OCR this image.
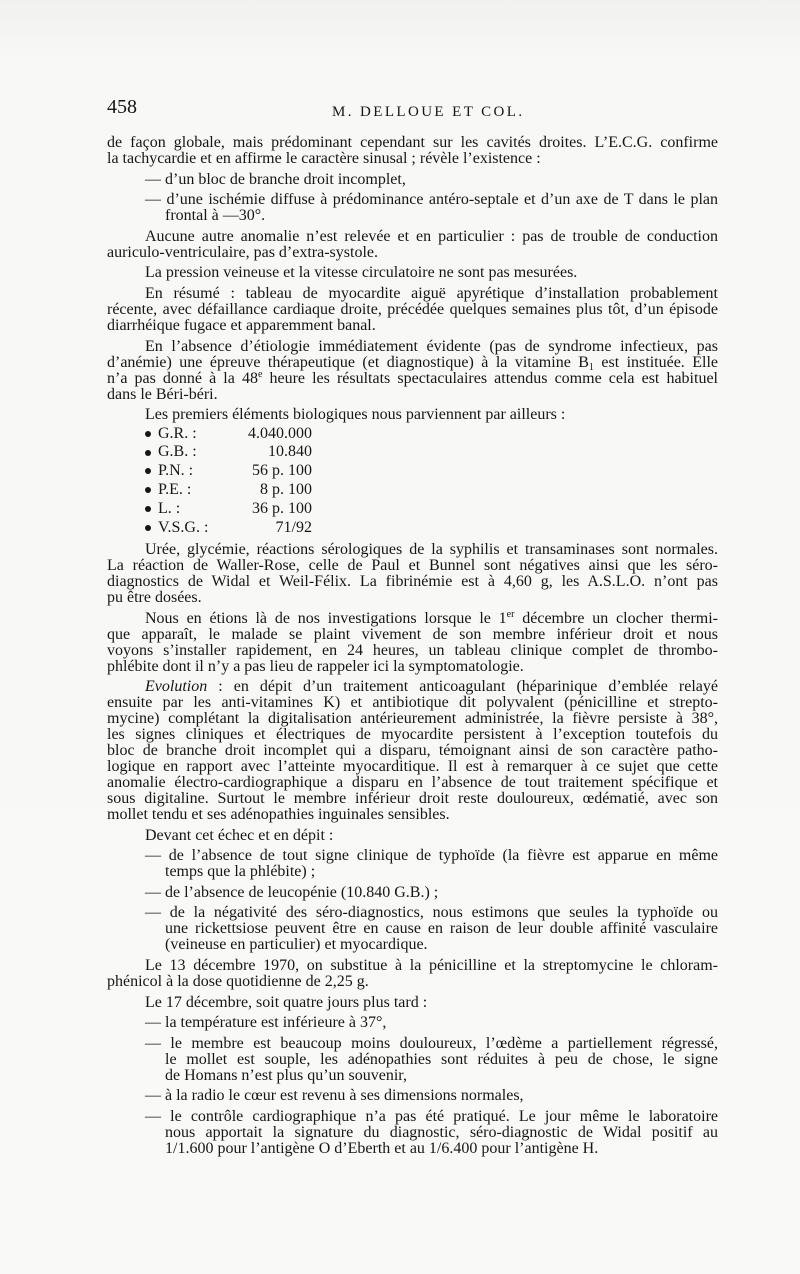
458	M. DELLOUE ET COL.
de façon globale, mais prédominant cependant sur les cavités droites. L’E.C.G. confirme
la tachycardie et en affirme le caractère sinusal ; révèle l’existence :
— d’un bloc de branche droit incomplet,
— d’une ischémie diffuse à prédominance antéro-septale et d’un axe de T dans le plan
frontal à —30°.
Aucune autre anomalie n’est relevée et en particulier : pas de trouble de conduction
auriculo-ventriculaire, pas d’extra-systole.
La pression veineuse et la vitesse circulatoire ne sont pas mesurées.
En résumé : tableau de myocardite aiguë apyrétique d’installation probablement
récente, avec défaillance cardiaque droite, précédée quelques semaines plus tôt, d’un épisode
diarrhéique fugace et apparemment banal.
En l’absence d’étiologie immédiatement évidente (pas de syndrome infectieux, pas
d’anémie) une épreuve thérapeutique (et diagnostique) à la vitamine B1 est instituée. Elle
n’a pas donné à la 48e heure les résultats spectaculaires attendus comme cela est habituel
dans le Béri-béri.
Les premiers éléments biologiques nous parviennent par ailleurs :
G.R. :	4.040.000
G.B. :	10.840
P.N. :	56 p. 100
P.E. :	8 p. 100
L. :	36 p. 100
V.S.G. :	71/92
Urée, glycémie, réactions sérologiques de la syphilis et transaminases sont normales.
La réaction de Waller-Rose, celle de Paul et Bunnel sont négatives ainsi que les séro-
diagnostics de Widal et Weil-Félix. La fibrinémie est à 4,60 g, les A.S.L.O. n’ont pas
pu être dosées.
Nous en étions là de nos investigations lorsque le 1er décembre un clocher thermi-
que apparaît, le malade se plaint vivement de son membre inférieur droit et nous
voyons s’installer rapidement, en 24 heures, un tableau clinique complet de thrombo-
phlébite dont il n’y a pas lieu de rappeler ici la symptomatologie.
Evolution : en dépit d’un traitement anticoagulant (héparinique d’emblée relayé
ensuite par les anti-vitamines K) et antibiotique dit polyvalent (pénicilline et strepto-
mycine) complétant la digitalisation antérieurement administrée, la fièvre persiste à 38°,
les signes cliniques et électriques de myocardite persistent à l’exception toutefois du
bloc de branche droit incomplet qui a disparu, témoignant ainsi de son caractère patho-
logique en rapport avec l’atteinte myocarditique. Il est à remarquer à ce sujet que cette
anomalie électro-cardiographique a disparu en l’absence de tout traitement spécifique et
sous digitaline. Surtout le membre inférieur droit reste douloureux, œdématié, avec son
mollet tendu et ses adénopathies inguinales sensibles.
Devant cet échec et en dépit :
— de l’absence de tout signe clinique de typhoïde (la fièvre est apparue en même
temps que la phlébite) ;
— de l’absence de leucopénie (10.840 G.B.) ;
— de la négativité des séro-diagnostics, nous estimons que seules la typhoïde ou
une rickettsiose peuvent être en cause en raison de leur double affinité vasculaire
(veineuse en particulier) et myocardique.
Le 13 décembre 1970, on substitue à la pénicilline et la streptomycine le chloram-
phénicol à la dose quotidienne de 2,25 g.
Le 17 décembre, soit quatre jours plus tard :
— la température est inférieure à 37°,
— le membre est beaucoup moins douloureux, l’œdème a partiellement régressé,
le mollet est souple, les adénopathies sont réduites à peu de chose, le signe
de Homans n’est plus qu’un souvenir,
— à la radio le cœur est revenu à ses dimensions normales,
— le contrôle cardiographique n’a pas été pratiqué. Le jour même le laboratoire
nous apportait la signature du diagnostic, séro-diagnostic de Widal positif au
1/1.600 pour l’antigène O d’Eberth et au 1/6.400 pour l’antigène H.
